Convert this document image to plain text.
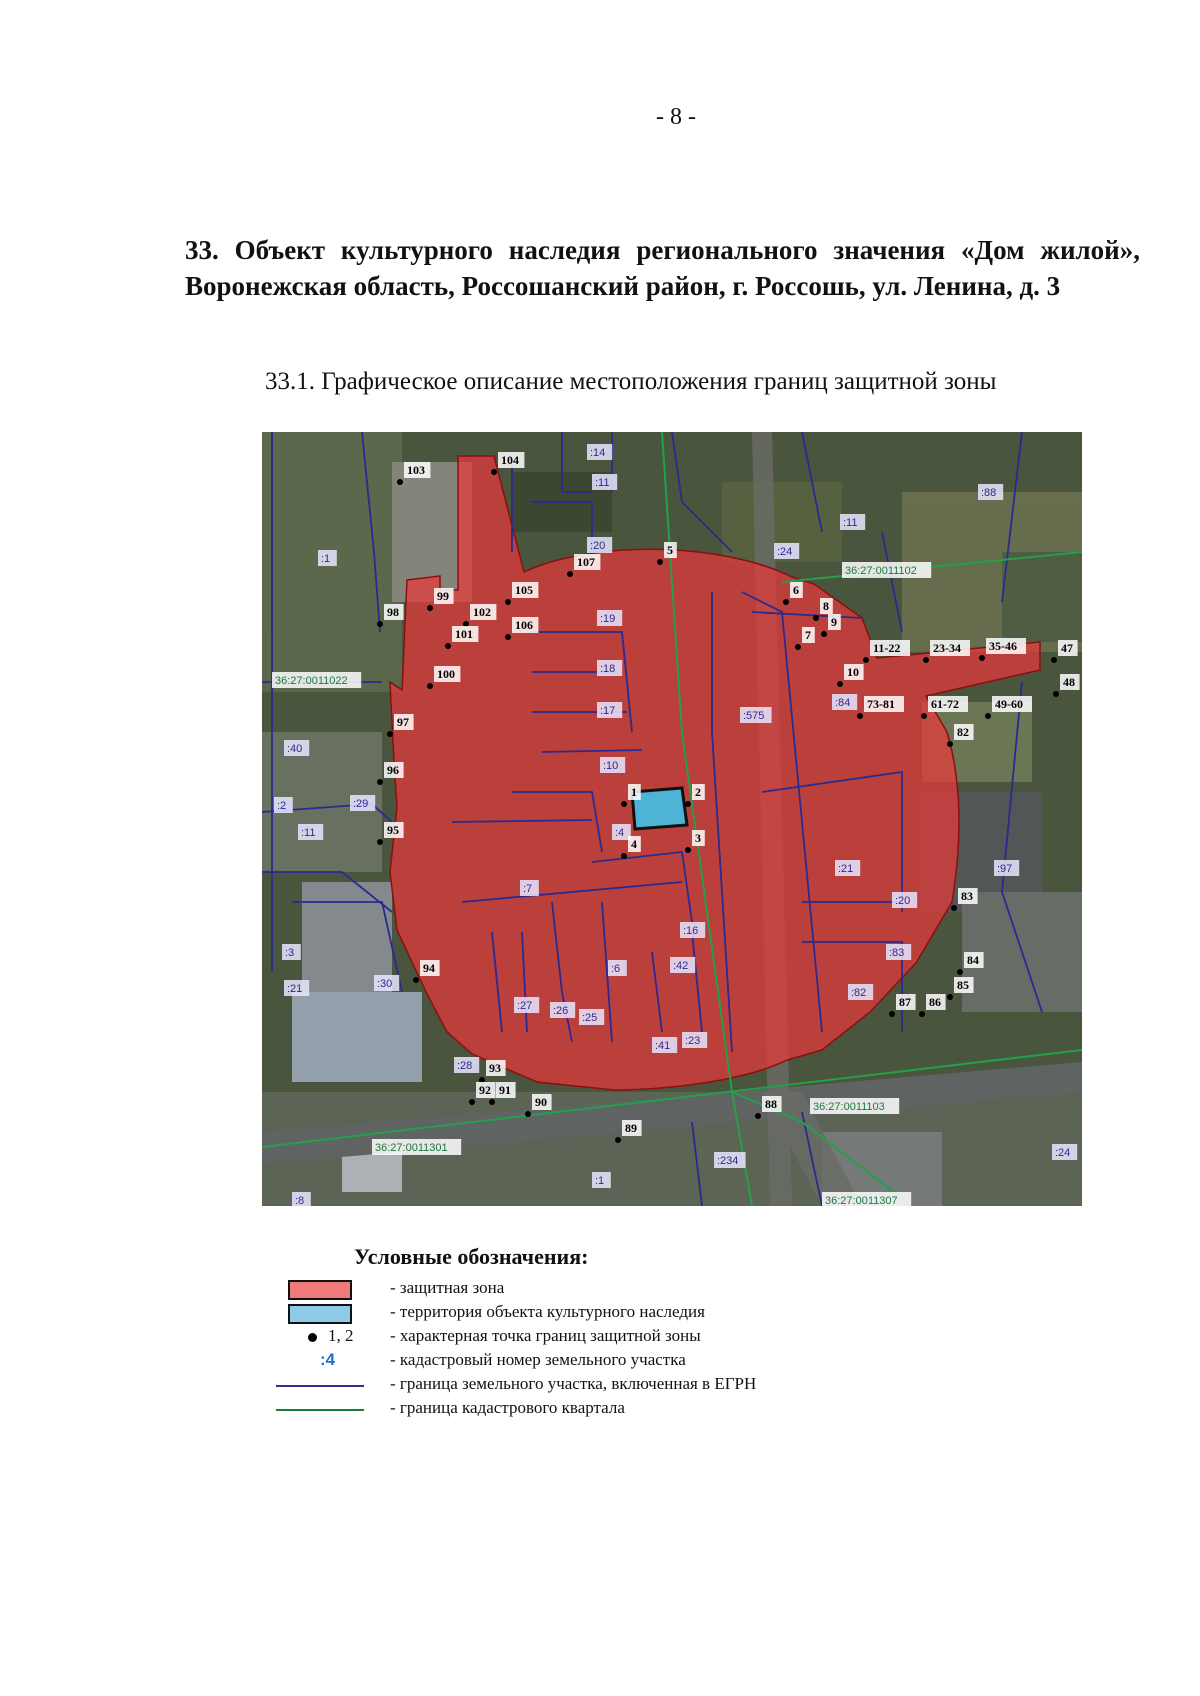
- 8 -
33. Объект культурного наследия регионального значения «Дом жилой», Воронежская область, Россошанский район, г. Россошь, ул. Ленина, д. 3
33.1. Графическое описание местоположения границ защитной зоны
36:27:0011102
36:27:0011022
36:27:0011301
36:27:0011103
36:27:0011307
:14
:11
:11
:88
:24
:1
:20
:19
:18
:17	:575
:84
:10
:4
:40
:29
:2
:11
:7
:21
:20
:16
:83
:3
:42
:6
:30
:21
:27 :26
:25
:82
:41 :23
:28
:97
:24
:234
:1
:8
103
104
5
107
6
8
9
7
99
102
105
106
98
101
11-22	23-34 35-46	47
100	10
48
97
73-81	61-72	49-60
82
96
1	2
3
4
95
83
84
94
85
87 86
93
92 91
90	88
89
Условные обозначения:
- защитная зона
- территория объекта культурного наследия
1, 2 - характерная точка границ защитной зоны
:4	- кадастровый номер земельного участка
- граница земельного участка, включенная в ЕГРН
- граница кадастрового квартала
